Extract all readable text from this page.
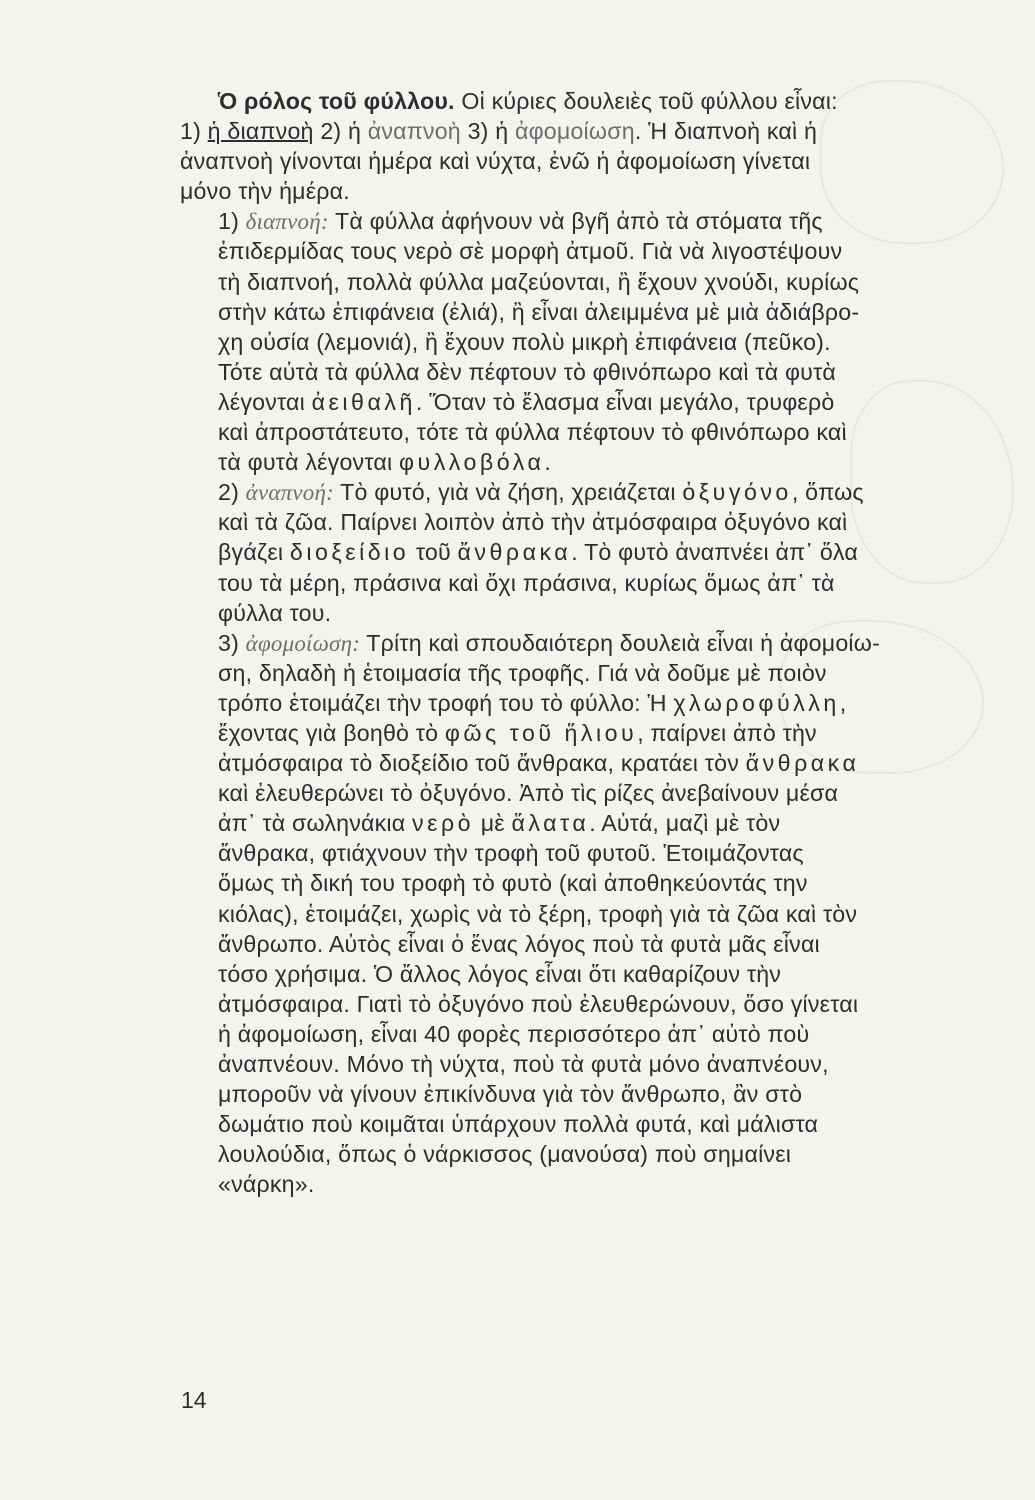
Ὁ ρόλος τοῦ φύλλου. Οἱ κύριες δουλειὲς τοῦ φύλλου εἶναι:
1) ἡ διαπνοὴ 2) ἡ ἀναπνοὴ 3) ἡ ἀφομοίωση. Ἡ διαπνοὴ καὶ ἡ
ἀναπνοὴ γίνονται ἡμέρα καὶ νύχτα, ἐνῶ ἡ ἀφομοίωση γίνεται
μόνο τὴν ἡμέρα.
1) διαπνοή: Τὰ φύλλα ἀφήνουν νὰ βγῆ ἀπὸ τὰ στόματα τῆς
ἐπιδερμίδας τους νερὸ σὲ μορφὴ ἀτμοῦ. Γιὰ νὰ λιγοστέψουν
τὴ διαπνοή, πολλὰ φύλλα μαζεύονται, ἢ ἔχουν χνούδι, κυρίως
στὴν κάτω ἐπιφάνεια (ἐλιά), ἢ εἶναι ἀλειμμένα μὲ μιὰ ἀδιάβρο-
χη οὐσία (λεμονιά), ἢ ἔχουν πολὺ μικρὴ ἐπιφάνεια (πεῦκο).
Τότε αὐτὰ τὰ φύλλα δὲν πέφτουν τὸ φθινόπωρο καὶ τὰ φυτὰ
λέγονται ἀειθαλῆ. Ὅταν τὸ ἔλασμα εἶναι μεγάλο, τρυφερὸ
καὶ ἀπροστάτευτο, τότε τὰ φύλλα πέφτουν τὸ φθινόπωρο καὶ
τὰ φυτὰ λέγονται φυλλοβόλα.
2) ἀναπνοή: Τὸ φυτό, γιὰ νὰ ζήση, χρειάζεται ὀξυγόνο, ὅπως
καὶ τὰ ζῶα. Παίρνει λοιπὸν ἀπὸ τὴν ἀτμόσφαιρα ὀξυγόνο καὶ
βγάζει διοξείδιο τοῦ ἄνθρακα. Τὸ φυτὸ ἀναπνέει ἀπ᾽ ὅλα
του τὰ μέρη, πράσινα καὶ ὄχι πράσινα, κυρίως ὅμως ἀπ᾽ τὰ
φύλλα του.
3) ἀφομοίωση: Τρίτη καὶ σπουδαιότερη δουλειὰ εἶναι ἡ ἀφομοίω-
ση, δηλαδὴ ἡ ἑτοιμασία τῆς τροφῆς. Γιά νὰ δοῦμε μὲ ποιὸν
τρόπο ἑτοιμάζει τὴν τροφή του τὸ φύλλο: Ἡ χλωροφύλλη,
ἔχοντας γιὰ βοηθὸ τὸ φῶς τοῦ ἥλιου, παίρνει ἀπὸ τὴν
ἀτμόσφαιρα τὸ διοξείδιο τοῦ ἄνθρακα, κρατάει τὸν ἄνθρακα
καὶ ἐλευθερώνει τὸ ὀξυγόνο. Ἀπὸ τὶς ρίζες ἀνεβαίνουν μέσα
ἀπ᾽ τὰ σωληνάκια νερὸ μὲ ἅλατα. Αὐτά, μαζὶ μὲ τὸν
ἄνθρακα, φτιάχνουν τὴν τροφὴ τοῦ φυτοῦ. Ἑτοιμάζοντας
ὅμως τὴ δική του τροφὴ τὸ φυτὸ (καὶ ἀποθηκεύοντάς την
κιόλας), ἑτοιμάζει, χωρὶς νὰ τὸ ξέρη, τροφὴ γιὰ τὰ ζῶα καὶ τὸν
ἄνθρωπο. Αὐτὸς εἶναι ὁ ἕνας λόγος ποὺ τὰ φυτὰ μᾶς εἶναι
τόσο χρήσιμα. Ὁ ἄλλος λόγος εἶναι ὅτι καθαρίζουν τὴν
ἀτμόσφαιρα. Γιατὶ τὸ ὀξυγόνο ποὺ ἐλευθερώνουν, ὅσο γίνεται
ἡ ἀφομοίωση, εἶναι 40 φορὲς περισσότερο ἀπ᾽ αὐτὸ ποὺ
ἀναπνέουν. Μόνο τὴ νύχτα, ποὺ τὰ φυτὰ μόνο ἀναπνέουν,
μποροῦν νὰ γίνουν ἐπικίνδυνα γιὰ τὸν ἄνθρωπο, ἂν στὸ
δωμάτιο ποὺ κοιμᾶται ὑπάρχουν πολλὰ φυτά, καὶ μάλιστα
λουλούδια, ὅπως ὁ νάρκισσος (μανούσα) ποὺ σημαίνει
«νάρκη».
14
